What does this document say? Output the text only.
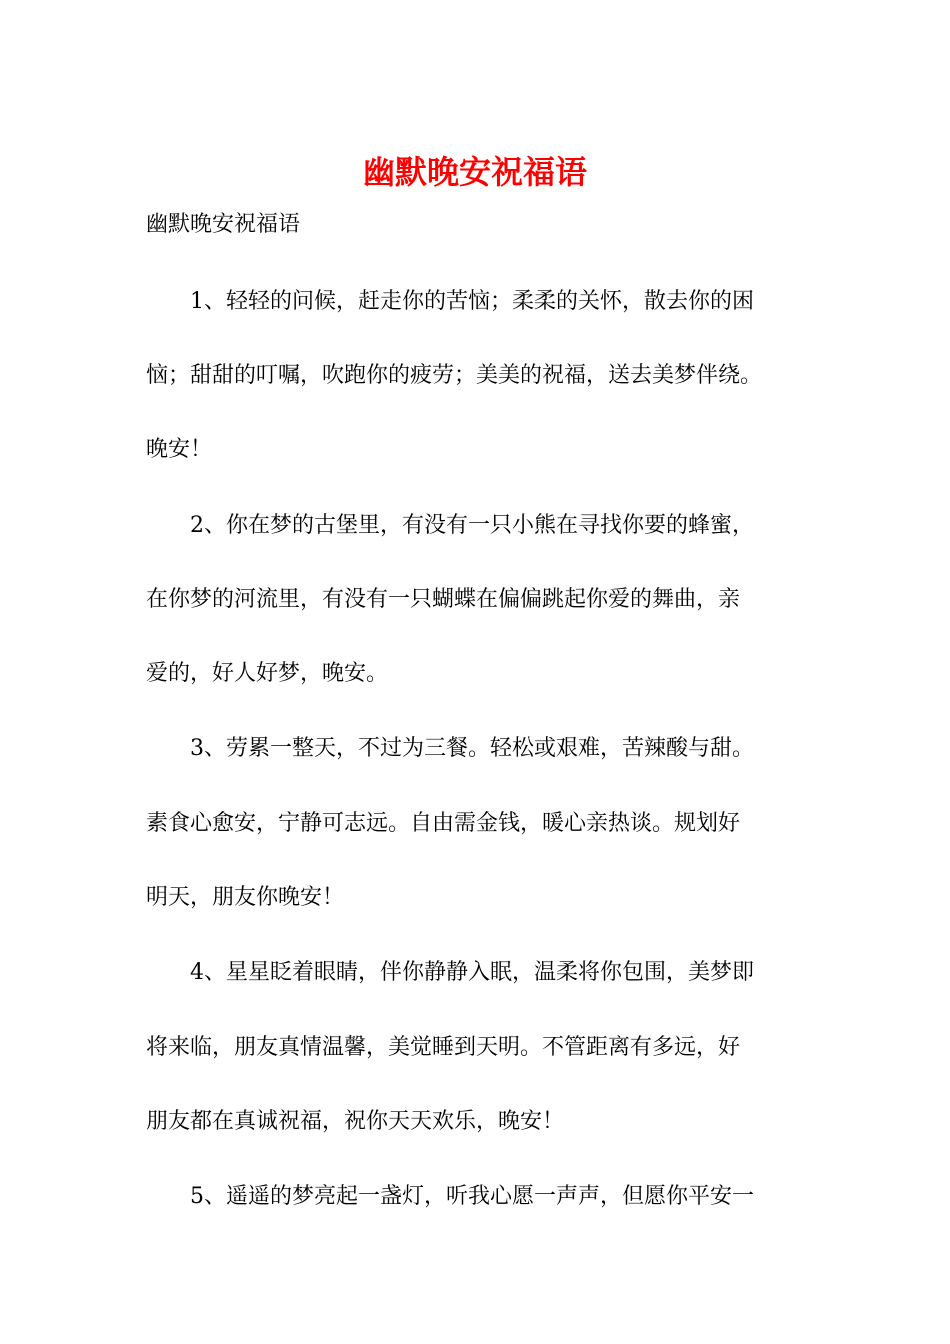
幽默晚安祝福语
幽默晚安祝福语
1、轻轻的问候，赶走你的苦恼；柔柔的关怀，散去你的困
恼；甜甜的叮嘱，吹跑你的疲劳；美美的祝福，送去美梦伴绕。
晚安！
2、你在梦的古堡里，有没有一只小熊在寻找你要的蜂蜜，
在你梦的河流里，有没有一只蝴蝶在偏偏跳起你爱的舞曲，亲
爱的，好人好梦，晚安。
3、劳累一整天，不过为三餐。轻松或艰难，苦辣酸与甜。
素食心愈安，宁静可志远。自由需金钱，暖心亲热谈。规划好
明天，朋友你晚安！
4、星星眨着眼睛，伴你静静入眠，温柔将你包围，美梦即
将来临，朋友真情温馨，美觉睡到天明。不管距离有多远，好
朋友都在真诚祝福，祝你天天欢乐，晚安！
5、遥遥的梦亮起一盏灯，听我心愿一声声，但愿你平安一
